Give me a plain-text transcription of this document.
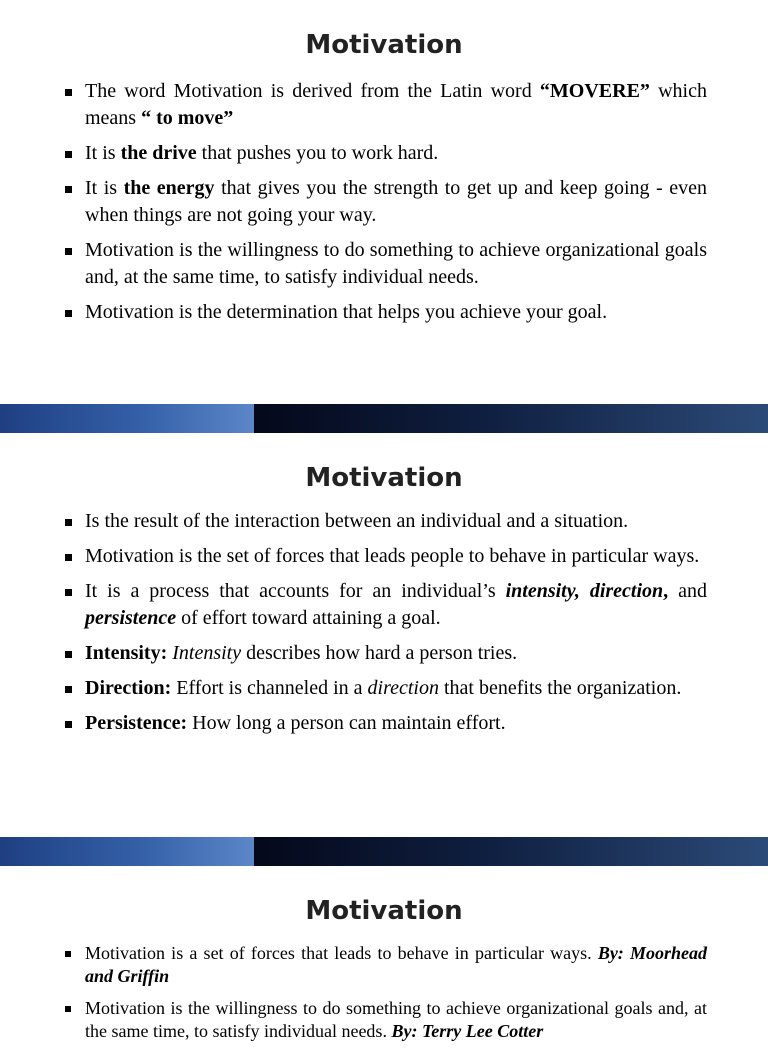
Motivation
The word Motivation is derived from the Latin word “MOVERE” which means “ to move”
It is the drive that pushes you to work hard.
It is the energy that gives you the strength to get up and keep going - even when things are not going your way.
Motivation is the willingness to do something to achieve organizational goals and, at the same time, to satisfy individual needs.
Motivation is the determination that helps you achieve your goal.
Motivation
Is the result of the interaction between an individual and a situation.
Motivation is the set of forces that leads people to behave in particular ways.
It is a process that accounts for an individual’s intensity, direction, and persistence of effort toward attaining a goal.
Intensity: Intensity describes how hard a person tries.
Direction: Effort is channeled in a direction that benefits the organization.
Persistence: How long a person can maintain effort.
Motivation
Motivation is a set of forces that leads to behave in particular ways. By: Moorhead and Griffin
Motivation is the willingness to do something to achieve organizational goals and, at the same time, to satisfy individual needs. By: Terry Lee Cotter
